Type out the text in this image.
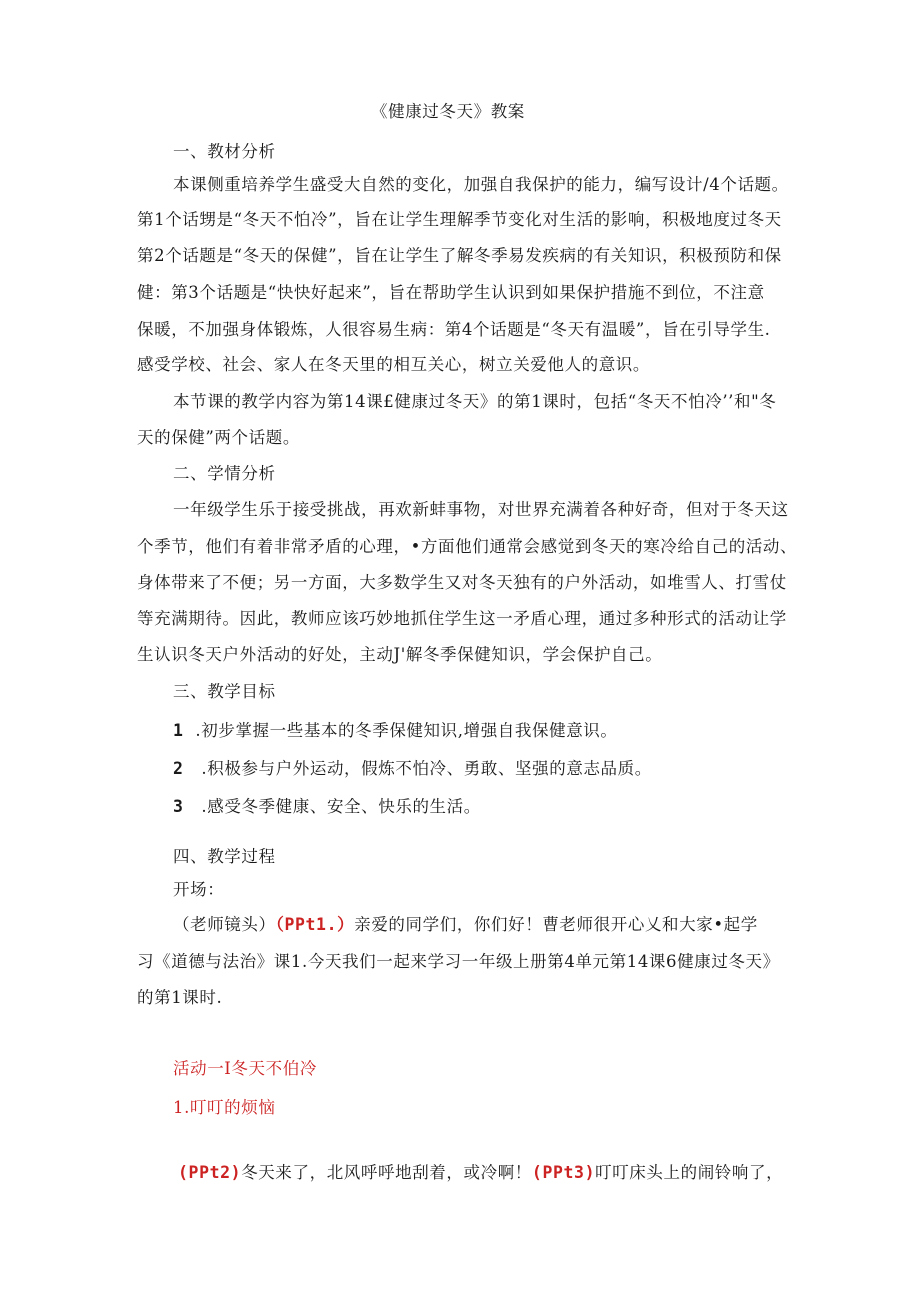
《健康过冬天》教案
一、教材分析
本课侧重培养学生盛受大自然的变化，加强自我保护的能力，编写设计/4个话题。
第1个话甥是“冬天不怕冷”，旨在让学生理解季节变化对生活的影响，积极地度过冬天
第2个话题是“冬天的保健”，旨在让学生了解冬季易发疾病的有关知识，积极预防和保
健：第3个话题是“快快好起来”，旨在帮助学生认识到如果保护措施不到位，不注意
保暖，不加强身体锻炼，人很容易生病：第4个话题是“冬天有温暖”，旨在引导学生.
感受学校、社会、家人在冬天里的相互关心，树立关爱他人的意识。
本节课的教学内容为第14课£健康过冬天》的第1课时，包括“冬天不怕冷’’和"冬
天的保健”两个话题。
二、学情分析
一年级学生乐于接受挑战，再欢新蚌事物，对世界充满着各种好奇，但对于冬天这
个季节，他们有着非常矛盾的心理，•方面他们通常会感觉到冬天的寒冷给自己的活动、
身体带来了不便；另一方面，大多数学生又对冬天独有的户外活动，如堆雪人、打雪仗
等充满期待。因此，教师应该巧妙地抓住学生这一矛盾心理，通过多种形式的活动让学
生认识冬天户外活动的好处，主动J'解冬季保健知识，学会保护自己。
三、教学目标
1 .初步掌握一些基本的冬季保健知识,增强自我保健意识。
2 .积极参与户外运动，假炼不怕冷、勇敢、坚强的意志品质。
3 .感受冬季健康、安全、快乐的生活。
四、教学过程
开场：
（老师镜头）（PPt1.）亲爱的同学们，你们好！曹老师很开心乂和大家•起学
习《道德与法治》课1.今天我们一起来学习一年级上册第4单元第14课6健康过冬天》
的第1课时.
活动一I冬天不伯冷
1.叮叮的烦恼
(PPt2)冬天来了，北风呼呼地刮着，或冷啊！(PPt3)叮叮床头上的闹铃响了，
